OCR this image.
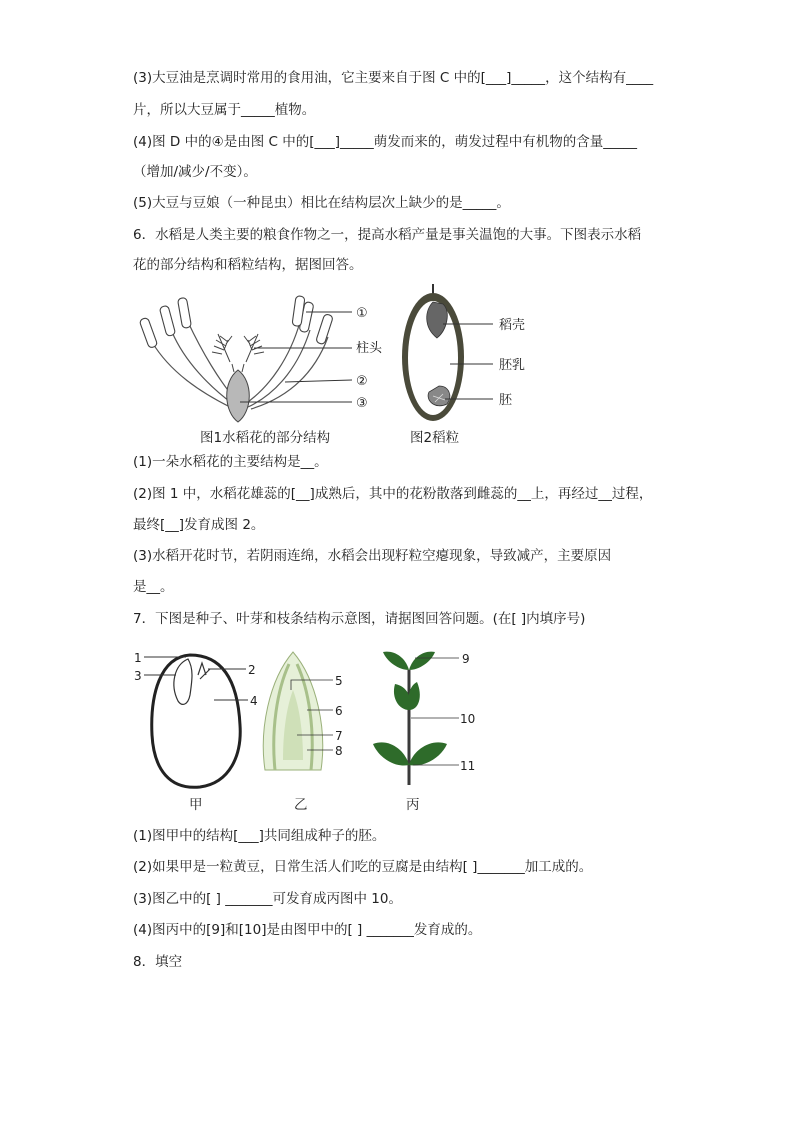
(3)大豆油是烹调时常用的食用油，它主要来自于图 C 中的[___]_____，这个结构有____
片，所以大豆属于_____植物。
(4)图 D 中的④是由图 C 中的[___]_____萌发而来的，萌发过程中有机物的含量_____
（增加/减少/不变）。
(5)大豆与豆娘（一种昆虫）相比在结构层次上缺少的是_____。
6．水稻是人类主要的粮食作物之一，提高水稻产量是事关温饱的大事。下图表示水稻
花的部分结构和稻粒结构，据图回答。
①
柱头
②
③
图1水稻花的部分结构
稻壳
胚乳
胚
图2稻粒
(1)一朵水稻花的主要结构是__。
(2)图 1 中，水稻花雄蕊的[__]成熟后，其中的花粉散落到雌蕊的__上，再经过__过程，
最终[__]发育成图 2。
(3)水稻开花时节，若阴雨连绵，水稻会出现籽粒空瘪现象，导致减产，主要原因
是__。
7．下图是种子、叶芽和枝条结构示意图，请据图回答问题。(在[ ]内填序号)
1
2
3
4
甲
5
6
7
8
乙
9
10
11
丙
(1)图甲中的结构[___]共同组成种子的胚。
(2)如果甲是一粒黄豆，日常生活人们吃的豆腐是由结构[ ]_______加工成的。
(3)图乙中的[ ] _______可发育成丙图中 10。
(4)图丙中的[9]和[10]是由图甲中的[ ] _______发育成的。
8．填空
